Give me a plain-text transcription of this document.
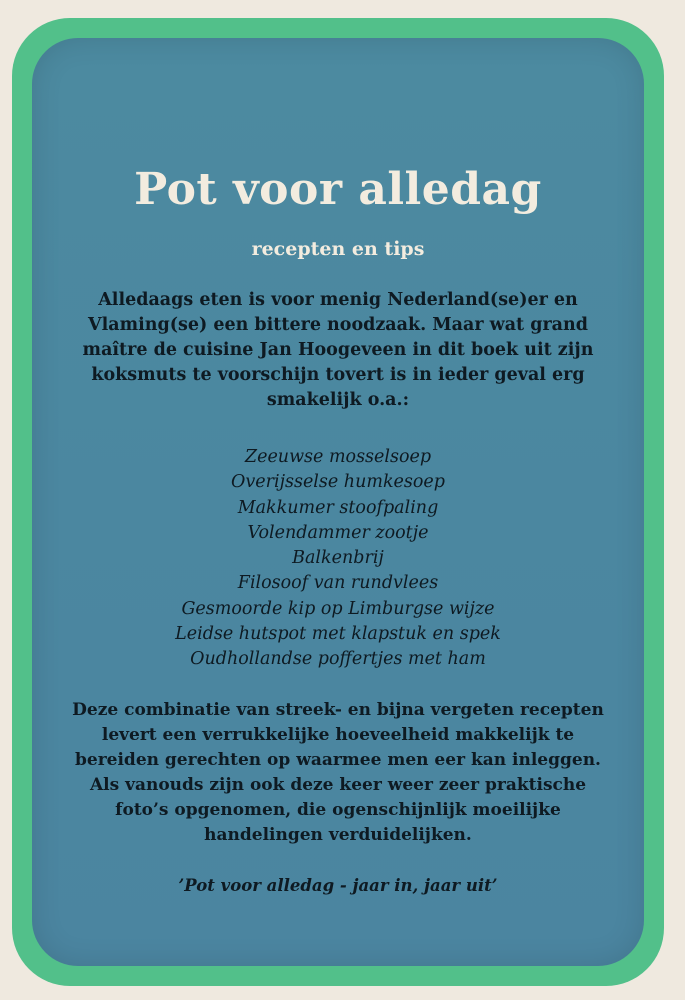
Pot voor alledag
recepten en tips

Alledaags eten is voor menig Nederland(se)er en Vlaming(se) een bittere noodzaak. Maar wat grand maître de cuisine Jan Hoogeveen in dit boek uit zijn koksmuts te voorschijn tovert is in ieder geval erg smakelijk o.a.:

Zeeuwse mosselsoep
Overijsselse humkesoep
Makkumer stoofpaling
Volendammer zootje
Balkenbrij
Filosoof van rundvlees
Gesmoorde kip op Limburgse wijze
Leidse hutspot met klapstuk en spek
Oudhollandse poffertjes met ham

Deze combinatie van streek- en bijna vergeten recepten levert een verrukkelijke hoeveelheid makkelijk te bereiden gerechten op waarmee men eer kan inleggen. Als vanouds zijn ook deze keer weer zeer praktische foto’s opgenomen, die ogenschijnlijk moeilijke handelingen verduidelijken.

’Pot voor alledag - jaar in, jaar uit’
